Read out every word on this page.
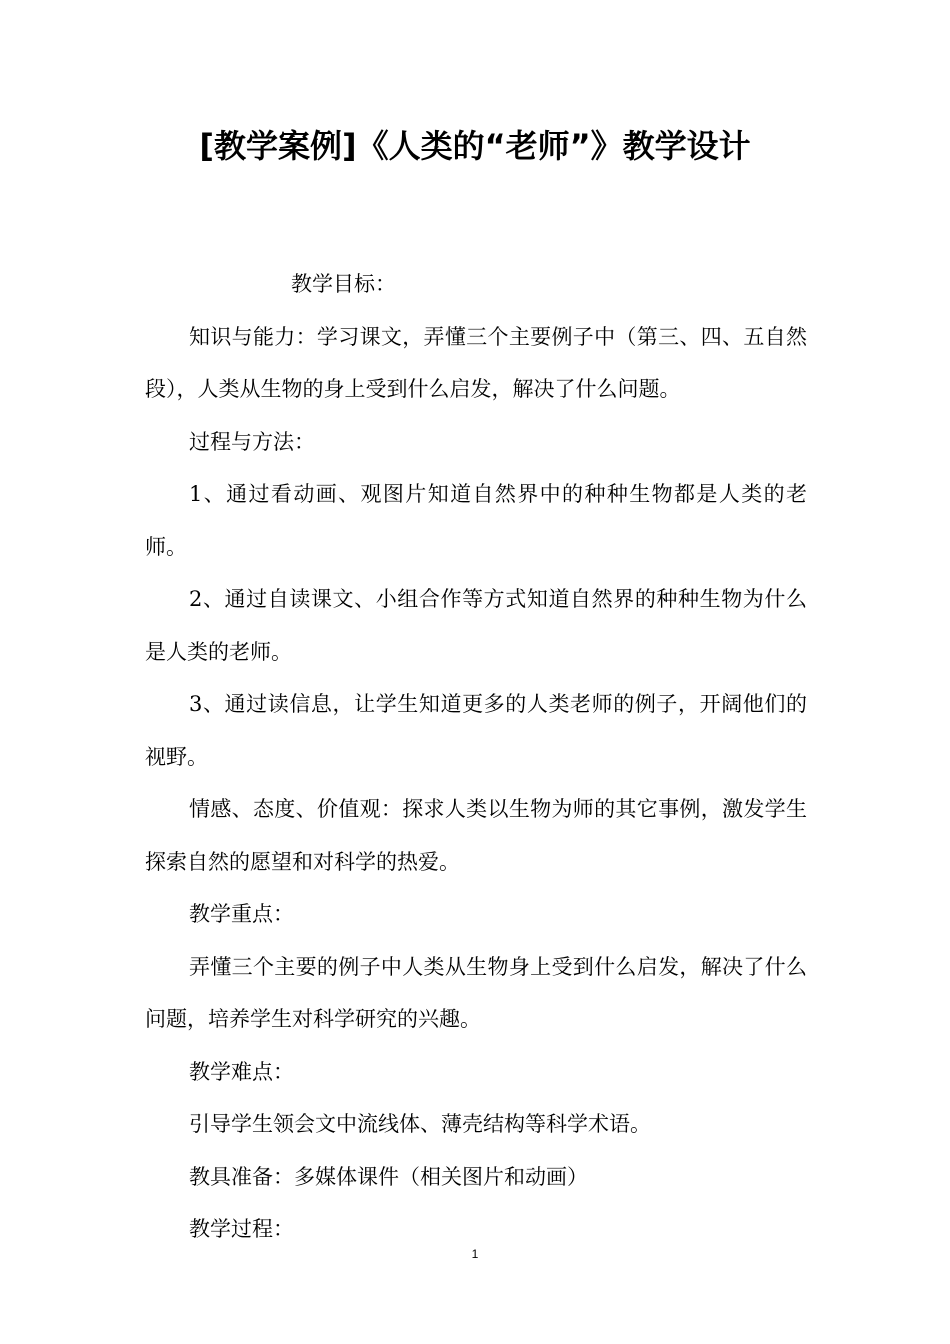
[教学案例]《人类的“老师”》教学设计

教学目标：

知识与能力：学习课文，弄懂三个主要例子中（第三、四、五自然段），人类从生物的身上受到什么启发，解决了什么问题。

过程与方法：

1、通过看动画、观图片知道自然界中的种种生物都是人类的老师。

2、通过自读课文、小组合作等方式知道自然界的种种生物为什么是人类的老师。

3、通过读信息，让学生知道更多的人类老师的例子，开阔他们的视野。

情感、态度、价值观：探求人类以生物为师的其它事例，激发学生探索自然的愿望和对科学的热爱。

教学重点：

弄懂三个主要的例子中人类从生物身上受到什么启发，解决了什么问题，培养学生对科学研究的兴趣。

教学难点：

引导学生领会文中流线体、薄壳结构等科学术语。

教具准备：多媒体课件（相关图片和动画）

教学过程：

1
